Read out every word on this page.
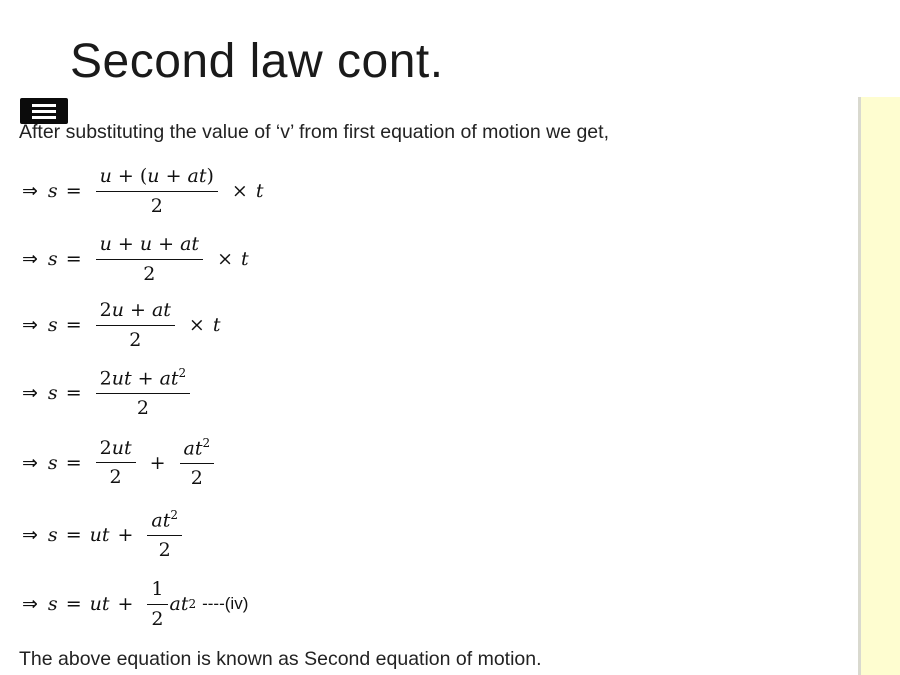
Second law cont.
After substituting the value of ‘v’ from first equation of motion we get,
⇒ $s = \frac{u + (u + at)}{2} \times t$
⇒ $s = \frac{u + u + at}{2} \times t$
⇒ $s = \frac{2u + at}{2} \times t$
⇒ $s = \frac{2ut + at^2}{2}$
⇒ $s = \frac{2ut}{2} + \frac{at^2}{2}$
⇒ s = ut + $\frac{at^2}{2}$
⇒ s = ut + $\frac{1}{2}$ at 2 ----(iv)
The above equation is known as Second equation of motion.
